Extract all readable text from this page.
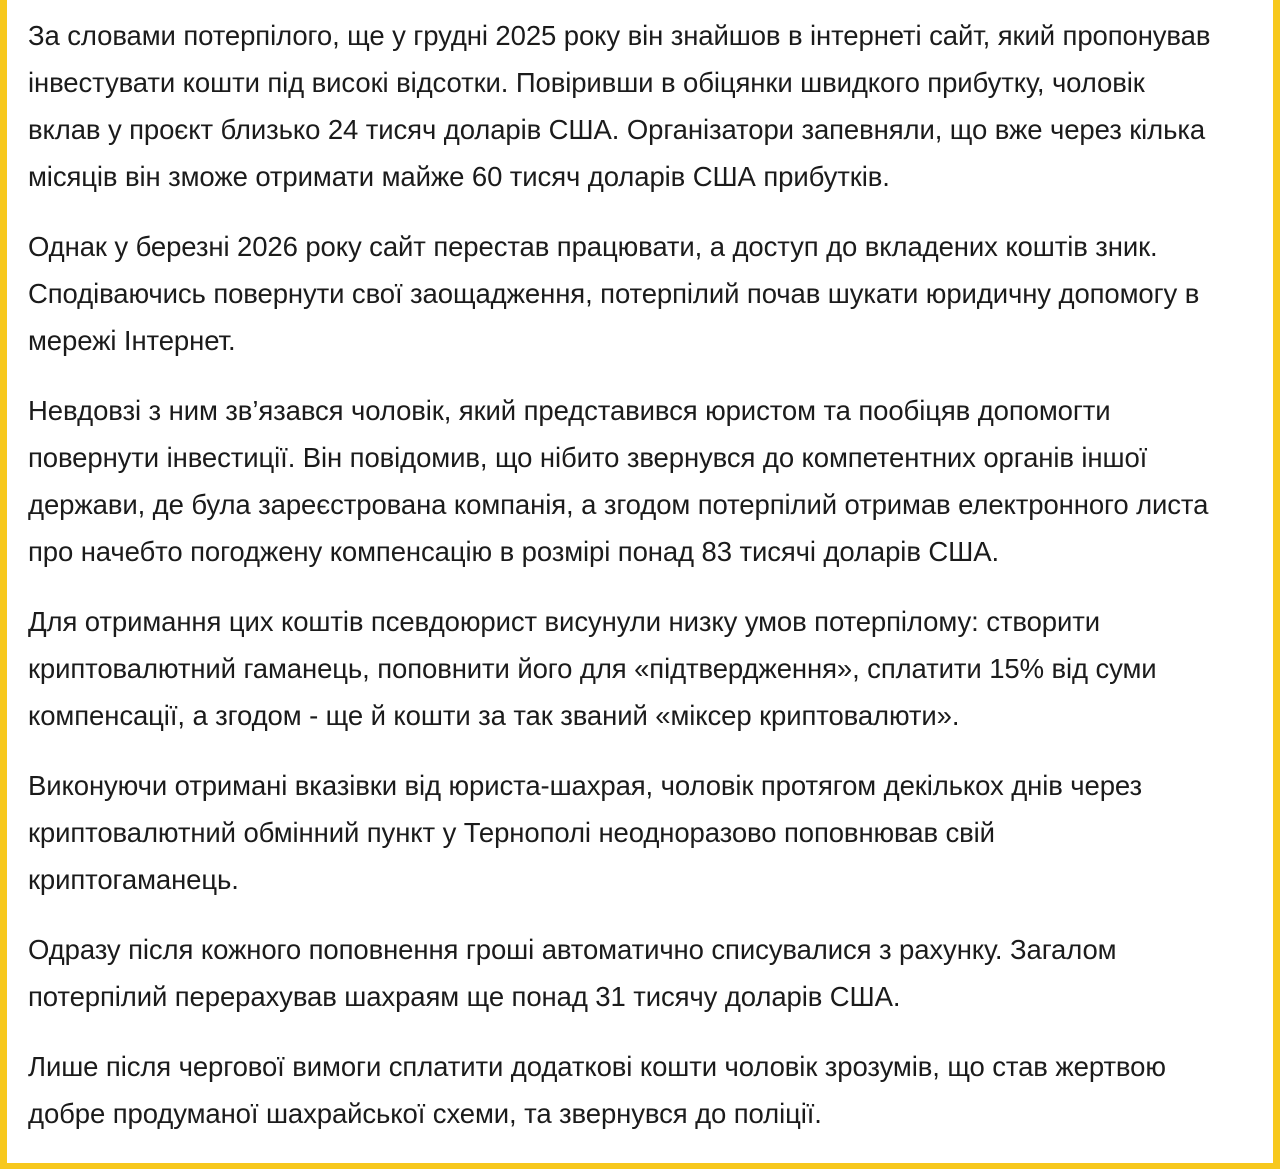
За словами потерпілого, ще у грудні 2025 року він знайшов в інтернеті сайт, який пропонував
інвестувати кошти під високі відсотки. Повіривши в обіцянки швидкого прибутку, чоловік
вклав у проєкт близько 24 тисяч доларів США. Організатори запевняли, що вже через кілька
місяців він зможе отримати майже 60 тисяч доларів США прибутків.

Однак у березні 2026 року сайт перестав працювати, а доступ до вкладених коштів зник.
Сподіваючись повернути свої заощадження, потерпілий почав шукати юридичну допомогу в
мережі Інтернет.

Невдовзі з ним зв’язався чоловік, який представився юристом та пообіцяв допомогти
повернути інвестиції. Він повідомив, що нібито звернувся до компетентних органів іншої
держави, де була зареєстрована компанія, а згодом потерпілий отримав електронного листа
про начебто погоджену компенсацію в розмірі понад 83 тисячі доларів США.

Для отримання цих коштів псевдоюрист висунули низку умов потерпілому: створити
криптовалютний гаманець, поповнити його для «підтвердження», сплатити 15% від суми
компенсації, а згодом - ще й кошти за так званий «міксер криптовалюти».

Виконуючи отримані вказівки від юриста-шахрая, чоловік протягом декількох днів через
криптовалютний обмінний пункт у Тернополі неодноразово поповнював свій
криптогаманець.

Одразу після кожного поповнення гроші автоматично списувалися з рахунку. Загалом
потерпілий перерахував шахраям ще понад 31 тисячу доларів США.

Лише після чергової вимоги сплатити додаткові кошти чоловік зрозумів, що став жертвою
добре продуманої шахрайської схеми, та звернувся до поліції.
